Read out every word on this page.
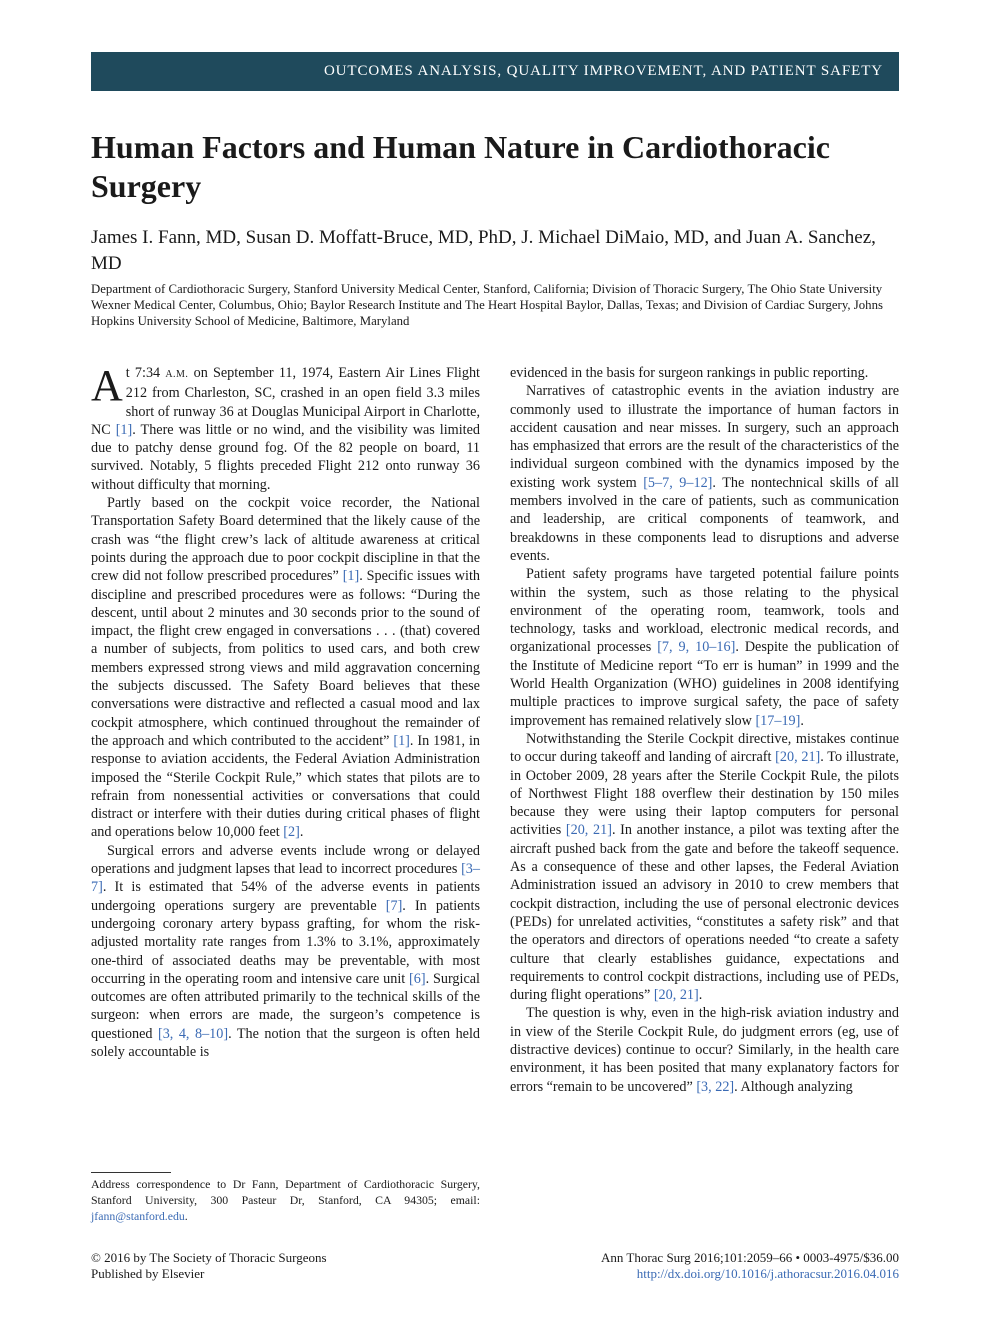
OUTCOMES ANALYSIS, QUALITY IMPROVEMENT, AND PATIENT SAFETY
Human Factors and Human Nature in Cardiothoracic Surgery
James I. Fann, MD, Susan D. Moffatt-Bruce, MD, PhD, J. Michael DiMaio, MD, and Juan A. Sanchez, MD
Department of Cardiothoracic Surgery, Stanford University Medical Center, Stanford, California; Division of Thoracic Surgery, The Ohio State University Wexner Medical Center, Columbus, Ohio; Baylor Research Institute and The Heart Hospital Baylor, Dallas, Texas; and Division of Cardiac Surgery, Johns Hopkins University School of Medicine, Baltimore, Maryland

At 7:34 A.M. on September 11, 1974, Eastern Air Lines Flight 212 from Charleston, SC, crashed in an open field 3.3 miles short of runway 36 at Douglas Municipal Airport in Charlotte, NC [1]. There was little or no wind, and the visibility was limited due to patchy dense ground fog. Of the 82 people on board, 11 survived. Notably, 5 flights preceded Flight 212 onto runway 36 without difficulty that morning.

Partly based on the cockpit voice recorder, the National Transportation Safety Board determined that the likely cause of the crash was “the flight crew’s lack of altitude awareness at critical points during the approach due to poor cockpit discipline in that the crew did not follow prescribed procedures” [1]. Specific issues with discipline and prescribed procedures were as follows: “During the descent, until about 2 minutes and 30 seconds prior to the sound of impact, the flight crew engaged in conversations . . . (that) covered a number of subjects, from politics to used cars, and both crew members expressed strong views and mild aggravation concerning the subjects discussed. The Safety Board believes that these conversations were distractive and reflected a casual mood and lax cockpit atmosphere, which continued throughout the remainder of the approach and which contributed to the accident” [1]. In 1981, in response to aviation accidents, the Federal Aviation Administration imposed the “Sterile Cockpit Rule,” which states that pilots are to refrain from nonessential activities or conversations that could distract or interfere with their duties during critical phases of flight and operations below 10,000 feet [2].

Surgical errors and adverse events include wrong or delayed operations and judgment lapses that lead to incorrect procedures [3–7]. It is estimated that 54% of the adverse events in patients undergoing operations surgery are preventable [7]. In patients undergoing coronary artery bypass grafting, for whom the risk-adjusted mortality rate ranges from 1.3% to 3.1%, approximately one-third of associated deaths may be preventable, with most occurring in the operating room and intensive care unit [6]. Surgical outcomes are often attributed primarily to the technical skills of the surgeon: when errors are made, the surgeon’s competence is questioned [3, 4, 8–10]. The notion that the surgeon is often held solely accountable is

evidenced in the basis for surgeon rankings in public reporting.

Narratives of catastrophic events in the aviation industry are commonly used to illustrate the importance of human factors in accident causation and near misses. In surgery, such an approach has emphasized that errors are the result of the characteristics of the individual surgeon combined with the dynamics imposed by the existing work system [5–7, 9–12]. The nontechnical skills of all members involved in the care of patients, such as communication and leadership, are critical components of teamwork, and breakdowns in these components lead to disruptions and adverse events.

Patient safety programs have targeted potential failure points within the system, such as those relating to the physical environment of the operating room, teamwork, tools and technology, tasks and workload, electronic medical records, and organizational processes [7, 9, 10–16]. Despite the publication of the Institute of Medicine report “To err is human” in 1999 and the World Health Organization (WHO) guidelines in 2008 identifying multiple practices to improve surgical safety, the pace of safety improvement has remained relatively slow [17–19].

Notwithstanding the Sterile Cockpit directive, mistakes continue to occur during takeoff and landing of aircraft [20, 21]. To illustrate, in October 2009, 28 years after the Sterile Cockpit Rule, the pilots of Northwest Flight 188 overflew their destination by 150 miles because they were using their laptop computers for personal activities [20, 21]. In another instance, a pilot was texting after the aircraft pushed back from the gate and before the takeoff sequence. As a consequence of these and other lapses, the Federal Aviation Administration issued an advisory in 2010 to crew members that cockpit distraction, including the use of personal electronic devices (PEDs) for unrelated activities, “constitutes a safety risk” and that the operators and directors of operations needed “to create a safety culture that clearly establishes guidance, expectations and requirements to control cockpit distractions, including use of PEDs, during flight operations” [20, 21].

The question is why, even in the high-risk aviation industry and in view of the Sterile Cockpit Rule, do judgment errors (eg, use of distractive devices) continue to occur? Similarly, in the health care environment, it has been posited that many explanatory factors for errors “remain to be uncovered” [3, 22]. Although analyzing

Address correspondence to Dr Fann, Department of Cardiothoracic Surgery, Stanford University, 300 Pasteur Dr, Stanford, CA 94305; email: jfann@stanford.edu.
© 2016 by The Society of Thoracic Surgeons
Published by Elsevier
Ann Thorac Surg 2016;101:2059–66 • 0003-4975/$36.00
http://dx.doi.org/10.1016/j.athoracsur.2016.04.016
